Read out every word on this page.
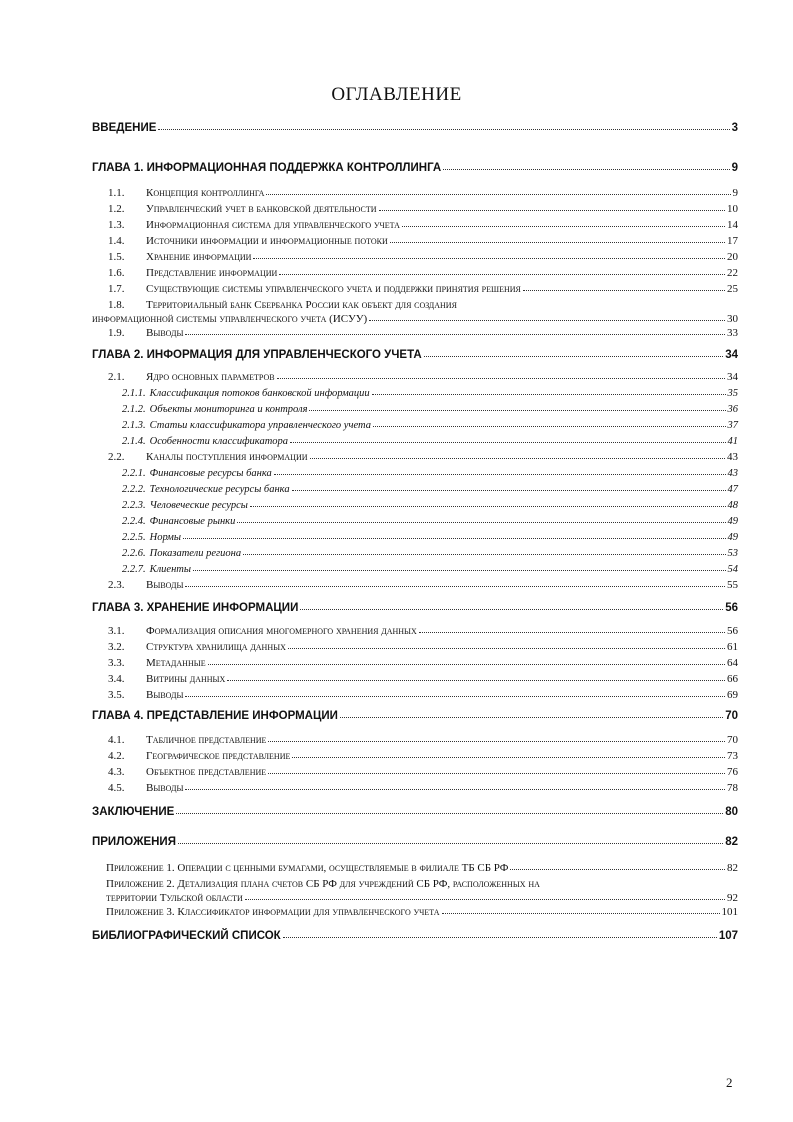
ОГЛАВЛЕНИЕ
ВВЕДЕНИЕ	3
ГЛАВА 1. ИНФОРМАЦИОННАЯ ПОДДЕРЖКА КОНТРОЛЛИНГА	9
1.1.	Концепция контроллинга	9
1.2.	Управленческий учет в банковской деятельности	10
1.3.	Информационная система для управленческого учета	14
1.4.	Источники информации и информационные потоки	17
1.5.	Хранение информации	20
1.6.	Представление информации	22
1.7.	Существующие системы управленческого учета и поддержки принятия решения	25
1.8.	Территориальный банк Сбербанка России как объект для создания
информационной системы управленческого учета (ИСУУ)	30
1.9.	Выводы	33
ГЛАВА 2. ИНФОРМАЦИЯ ДЛЯ УПРАВЛЕНЧЕСКОГО УЧЕТА	34
2.1.	Ядро основных параметров	34
2.1.1. Классификация потоков банковской информации	35
2.1.2. Объекты мониторинга и контроля	36
2.1.3. Статьи классификатора управленческого учета	37
2.1.4. Особенности классификатора	41
2.2.	Каналы поступления информации	43
2.2.1. Финансовые ресурсы банка	43
2.2.2. Технологические ресурсы банка	47
2.2.3. Человеческие ресурсы	48
2.2.4. Финансовые рынки	49
2.2.5. Нормы	49
2.2.6. Показатели региона	53
2.2.7. Клиенты	54
2.3.	Выводы	55
ГЛАВА 3. ХРАНЕНИЕ ИНФОРМАЦИИ	56
3.1.	Формализация описания многомерного хранения данных	56
3.2.	Структура хранилища данных	61
3.3.	Метаданные	64
3.4.	Витрины данных	66
3.5.	Выводы	69
ГЛАВА 4. ПРЕДСТАВЛЕНИЕ ИНФОРМАЦИИ	70
4.1.	Табличное представление	70
4.2.	Географическое представление	73
4.3.	Объектное представление	76
4.5.	Выводы	78
ЗАКЛЮЧЕНИЕ	80
ПРИЛОЖЕНИЯ	82
Приложение 1. Операции с ценными бумагами, осуществляемые в филиале ТБ СБ РФ	82
Приложение 2. Детализация плана счетов СБ РФ для учреждений СБ РФ, расположенных на
территории Тульской области	92
Приложение 3. Классификатор информации для управленческого учета	101
БИБЛИОГРАФИЧЕСКИЙ СПИСОК	107
2
